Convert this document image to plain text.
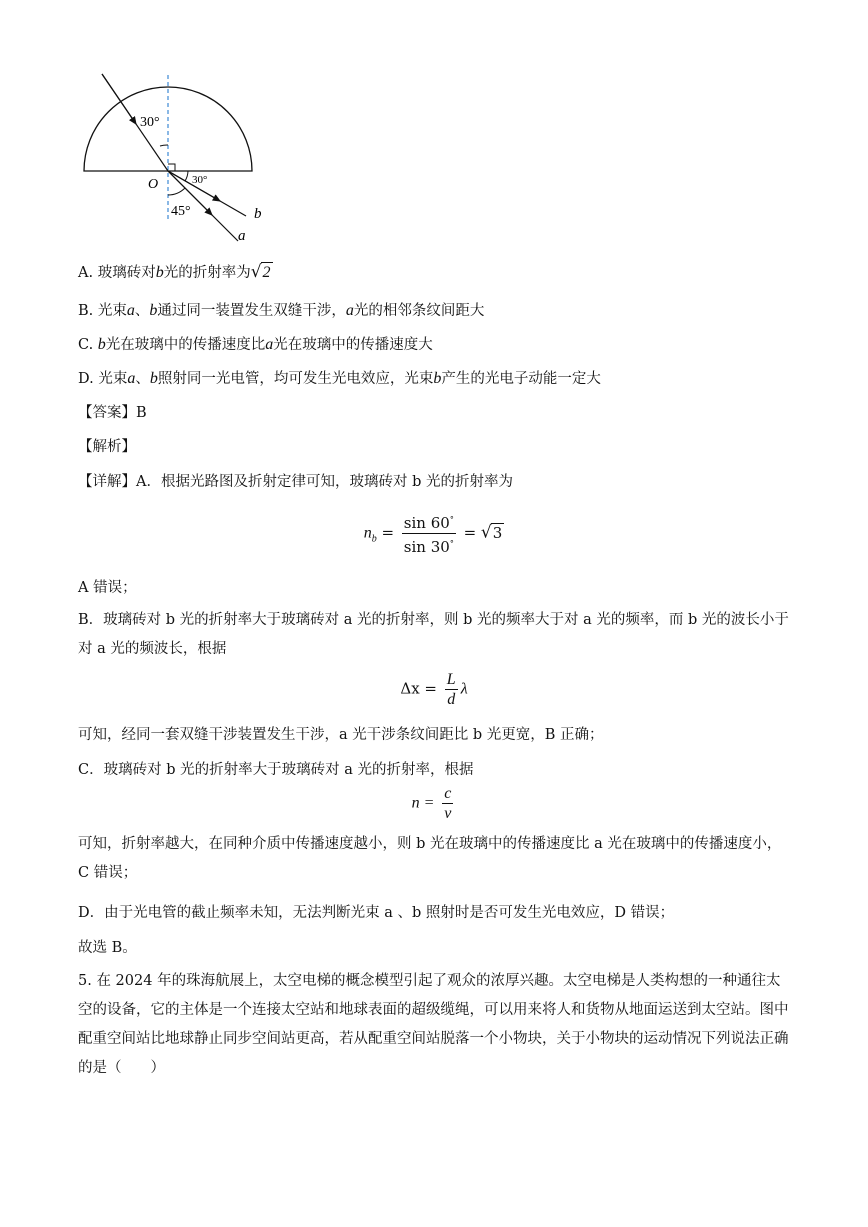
30°
30°
45°
O
b
a
A. 玻璃砖对b光的折射率为√2
B. 光束a、b通过同一装置发生双缝干涉，a光的相邻条纹间距大
C. b光在玻璃中的传播速度比a光在玻璃中的传播速度大
D. 光束a、b照射同一光电管，均可发生光电效应，光束b产生的光电子动能一定大
【答案】B
【解析】
【详解】A．根据光路图及折射定律可知，玻璃砖对 b 光的折射率为
$n_b = \frac{\sin 60^\circ}{\sin 30^\circ} = √3$
A 错误；
B．玻璃砖对 b 光的折射率大于玻璃砖对 a 光的折射率，则 b 光的频率大于对 a 光的频率，而 b 光的波长小于对 a 光的频波长，根据
$\Delta x = \frac{L}{d}$ λ
可知，经同一套双缝干涉装置发生干涉，a 光干涉条纹间距比 b 光更宽，B 正确；
C．玻璃砖对 b 光的折射率大于玻璃砖对 a 光的折射率，根据
$n = \frac{c}{v}$
可知，折射率越大，在同种介质中传播速度越小，则 b 光在玻璃中的传播速度比 a 光在玻璃中的传播速度小，C 错误；
D．由于光电管的截止频率未知，无法判断光束 a 、b 照射时是否可发生光电效应，D 错误；
故选 B。
5. 在 2024 年的珠海航展上，太空电梯的概念模型引起了观众的浓厚兴趣。太空电梯是人类构想的一种通往太空的设备，它的主体是一个连接太空站和地球表面的超级缆绳，可以用来将人和货物从地面运送到太空站。图中配重空间站比地球静止同步空间站更高，若从配重空间站脱落一个小物块，关于小物块的运动情况下列说法正确的是（　　）
